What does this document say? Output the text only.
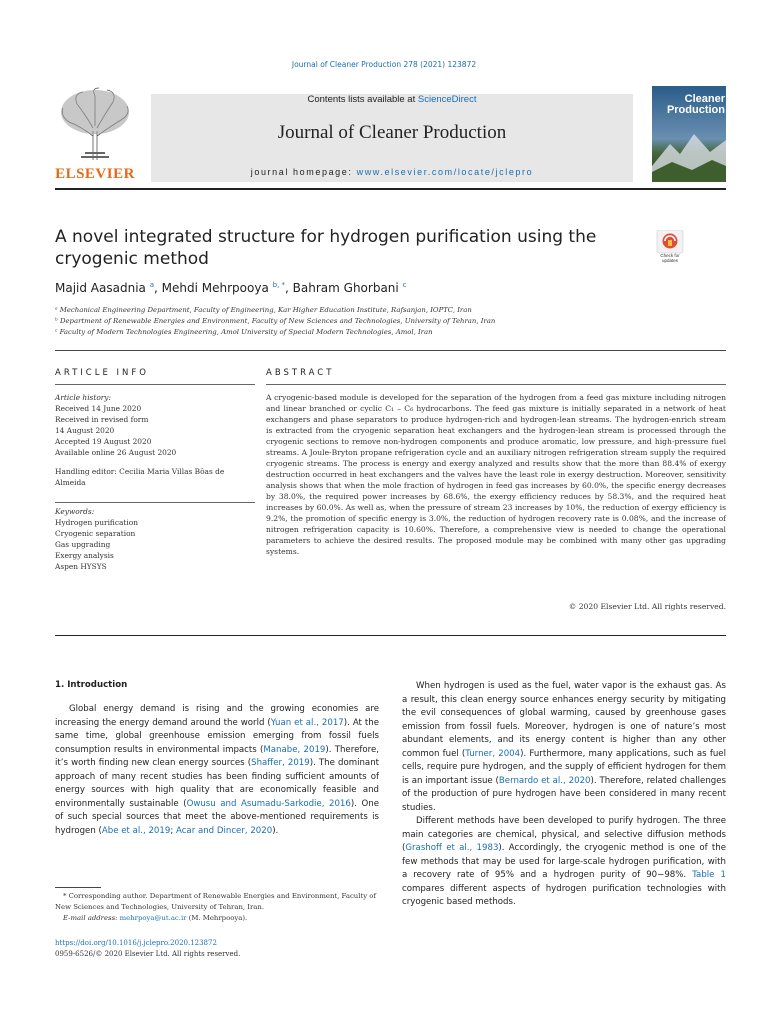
Journal of Cleaner Production 278 (2021) 123872
ELSEVIER
Contents lists available at ScienceDirect
Journal of Cleaner Production
journal homepage: www.elsevier.com/locate/jclepro
Cleaner
Production
A novel integrated structure for hydrogen purification using the cryogenic method	Check for updates
Majid Aasadnia $^a$, Mehdi Mehrpooya $^{b, *}$, Bahram Ghorbani $^c$
ᵃ Mechanical Engineering Department, Faculty of Engineering, Kar Higher Education Institute, Rafsanjan, IOPTC, Iran
ᵇ Department of Renewable Energies and Environment, Faculty of New Sciences and Technologies, University of Tehran, Iran
ᶜ Faculty of Modern Technologies Engineering, Amol University of Special Modern Technologies, Amol, Iran
ARTICLE INFO	ABSTRACT
Article history:
Received 14 June 2020
Received in revised form
14 August 2020
Accepted 19 August 2020
Available online 26 August 2020
Handling editor: Cecilia Maria Villas Bôas de Almeida
Keywords:
Hydrogen purification
Cryogenic separation
Gas upgrading
Exergy analysis
Aspen HYSYS
A cryogenic-based module is developed for the separation of the hydrogen from a feed gas mixture including nitrogen and linear branched or cyclic C₁ – C₆ hydrocarbons. The feed gas mixture is initially separated in a network of heat exchangers and phase separators to produce hydrogen-rich and hydrogen-lean streams. The hydrogen-enrich stream is extracted from the cryogenic separation heat exchangers and the hydrogen-lean stream is processed through the cryogenic sections to remove non-hydrogen components and produce aromatic, low pressure, and high-pressure fuel streams. A Joule-Bryton propane refrigeration cycle and an auxiliary nitrogen refrigeration stream supply the required cryogenic streams. The process is energy and exergy analyzed and results show that the more than 88.4% of exergy destruction occurred in heat exchangers and the valves have the least role in exergy destruction. Moreover, sensitivity analysis shows that when the mole fraction of hydrogen in feed gas increases by 60.0%, the specific energy decreases by 38.0%, the required power increases by 68.6%, the exergy efficiency reduces by 58.3%, and the required heat increases by 60.0%. As well as, when the pressure of stream 23 increases by 10%, the reduction of exergy efficiency is 9.2%, the promotion of specific energy is 3.0%, the reduction of hydrogen recovery rate is 0.08%, and the increase of nitrogen refrigeration capacity is 10.60%. Therefore, a comprehensive view is needed to change the operational parameters to achieve the desired results. The proposed module may be combined with many other gas upgrading systems.
© 2020 Elsevier Ltd. All rights reserved.
1. Introduction
Global energy demand is rising and the growing economies are increasing the energy demand around the world (Yuan et al., 2017). At the same time, global greenhouse emission emerging from fossil fuels consumption results in environmental impacts (Manabe, 2019). Therefore, it’s worth finding new clean energy sources (Shaffer, 2019). The dominant approach of many recent studies has been finding sufficient amounts of energy sources with high quality that are economically feasible and environmentally sustainable (Owusu and Asumadu-Sarkodie, 2016). One of such special sources that meet the above-mentioned requirements is hydrogen (Abe et al., 2019; Acar and Dincer, 2020).

When hydrogen is used as the fuel, water vapor is the exhaust gas. As a result, this clean energy source enhances energy security by mitigating the evil consequences of global warming, caused by greenhouse gases emission from fossil fuels. Moreover, hydrogen is one of nature’s most abundant elements, and its energy content is higher than any other common fuel (Turner, 2004). Furthermore, many applications, such as fuel cells, require pure hydrogen, and the supply of efficient hydrogen for them is an important issue (Bernardo et al., 2020). Therefore, related challenges of the production of pure hydrogen have been considered in many recent studies.

Different methods have been developed to purify hydrogen. The three main categories are chemical, physical, and selective diffusion methods (Grashoff et al., 1983). Accordingly, the cryogenic method is one of the few methods that may be used for large-scale hydrogen purification, with a recovery rate of 95% and a hydrogen purity of 90−98%. Table 1 compares different aspects of hydrogen purification technologies with cryogenic based methods.

* Corresponding author. Department of Renewable Energies and Environment, Faculty of New Sciences and Technologies, University of Tehran, Iran.
E-mail address: mehrpoya@ut.ac.ir (M. Mehrpooya).
https://doi.org/10.1016/j.jclepro.2020.123872
0959-6526/© 2020 Elsevier Ltd. All rights reserved.
